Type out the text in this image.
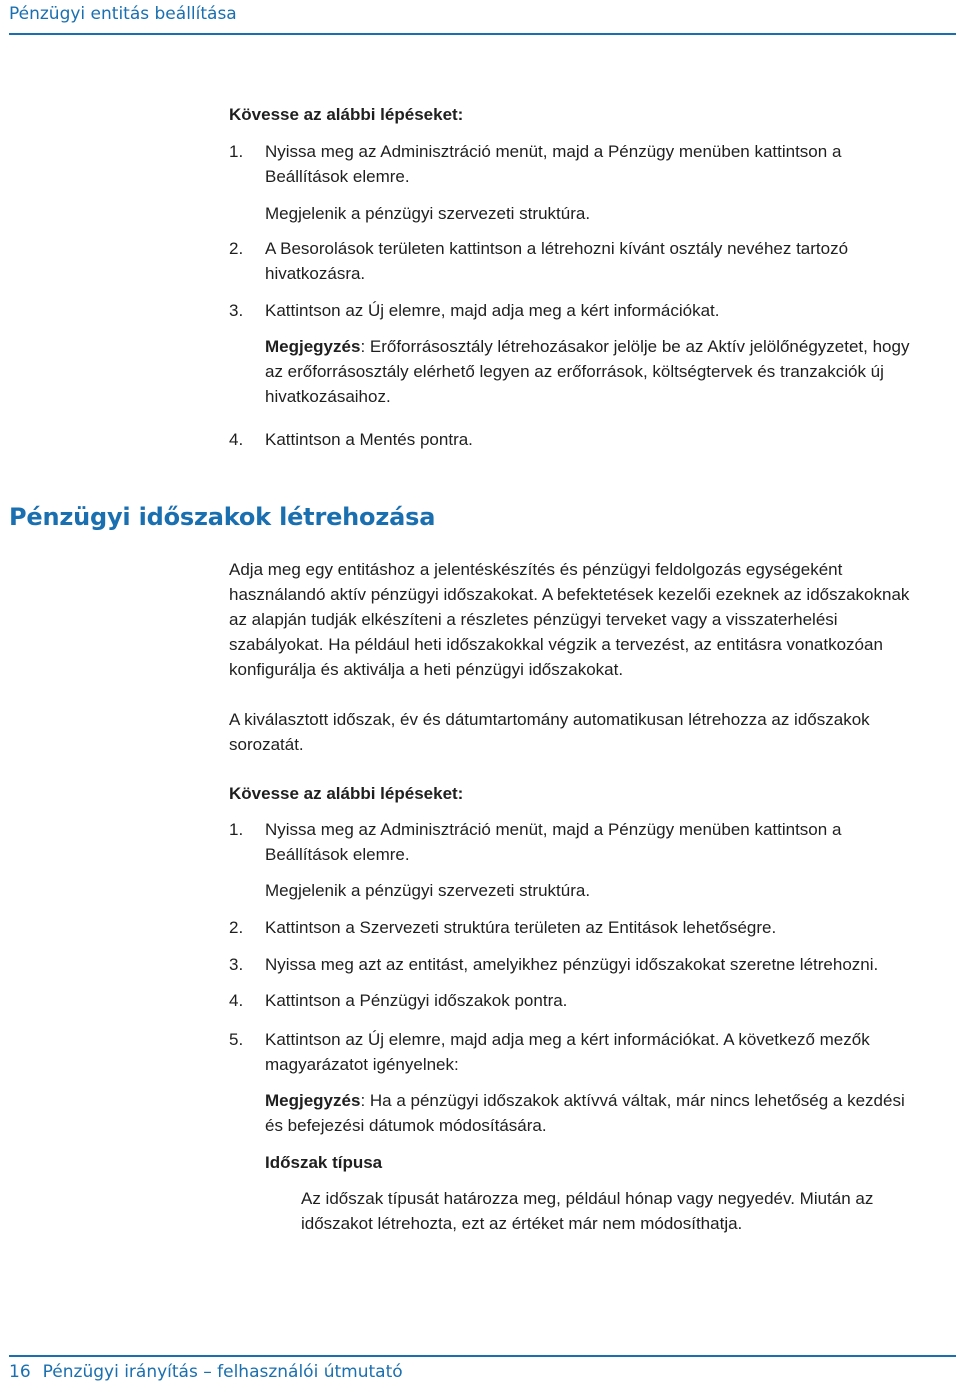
Pénzügyi entitás beállítása
Kövesse az alábbi lépéseket:
1. Nyissa meg az Adminisztráció menüt, majd a Pénzügy menüben kattintson a Beállítások elemre.
Megjelenik a pénzügyi szervezeti struktúra.
2. A Besorolások területen kattintson a létrehozni kívánt osztály nevéhez tartozó hivatkozásra.
3. Kattintson az Új elemre, majd adja meg a kért információkat.
Megjegyzés: Erőforrásosztály létrehozásakor jelölje be az Aktív jelölőnégyzetet, hogy az erőforrásosztály elérhető legyen az erőforrások, költségtervek és tranzakciók új hivatkozásaihoz.
4. Kattintson a Mentés pontra.
Pénzügyi időszakok létrehozása
Adja meg egy entitáshoz a jelentéskészítés és pénzügyi feldolgozás egységeként használandó aktív pénzügyi időszakokat. A befektetések kezelői ezeknek az időszakoknak az alapján tudják elkészíteni a részletes pénzügyi terveket vagy a visszaterhelési szabályokat. Ha például heti időszakokkal végzik a tervezést, az entitásra vonatkozóan konfigurálja és aktiválja a heti pénzügyi időszakokat.
A kiválasztott időszak, év és dátumtartomány automatikusan létrehozza az időszakok sorozatát.
Kövesse az alábbi lépéseket:
1. Nyissa meg az Adminisztráció menüt, majd a Pénzügy menüben kattintson a Beállítások elemre.
Megjelenik a pénzügyi szervezeti struktúra.
2. Kattintson a Szervezeti struktúra területen az Entitások lehetőségre.
3. Nyissa meg azt az entitást, amelyikhez pénzügyi időszakokat szeretne létrehozni.
4. Kattintson a Pénzügyi időszakok pontra.
5. Kattintson az Új elemre, majd adja meg a kért információkat. A következő mezők magyarázatot igényelnek:
Megjegyzés: Ha a pénzügyi időszakok aktívvá váltak, már nincs lehetőség a kezdési és befejezési dátumok módosítására.
Időszak típusa
Az időszak típusát határozza meg, például hónap vagy negyedév. Miután az időszakot létrehozta, ezt az értéket már nem módosíthatja.
16 Pénzügyi irányítás – felhasználói útmutató
